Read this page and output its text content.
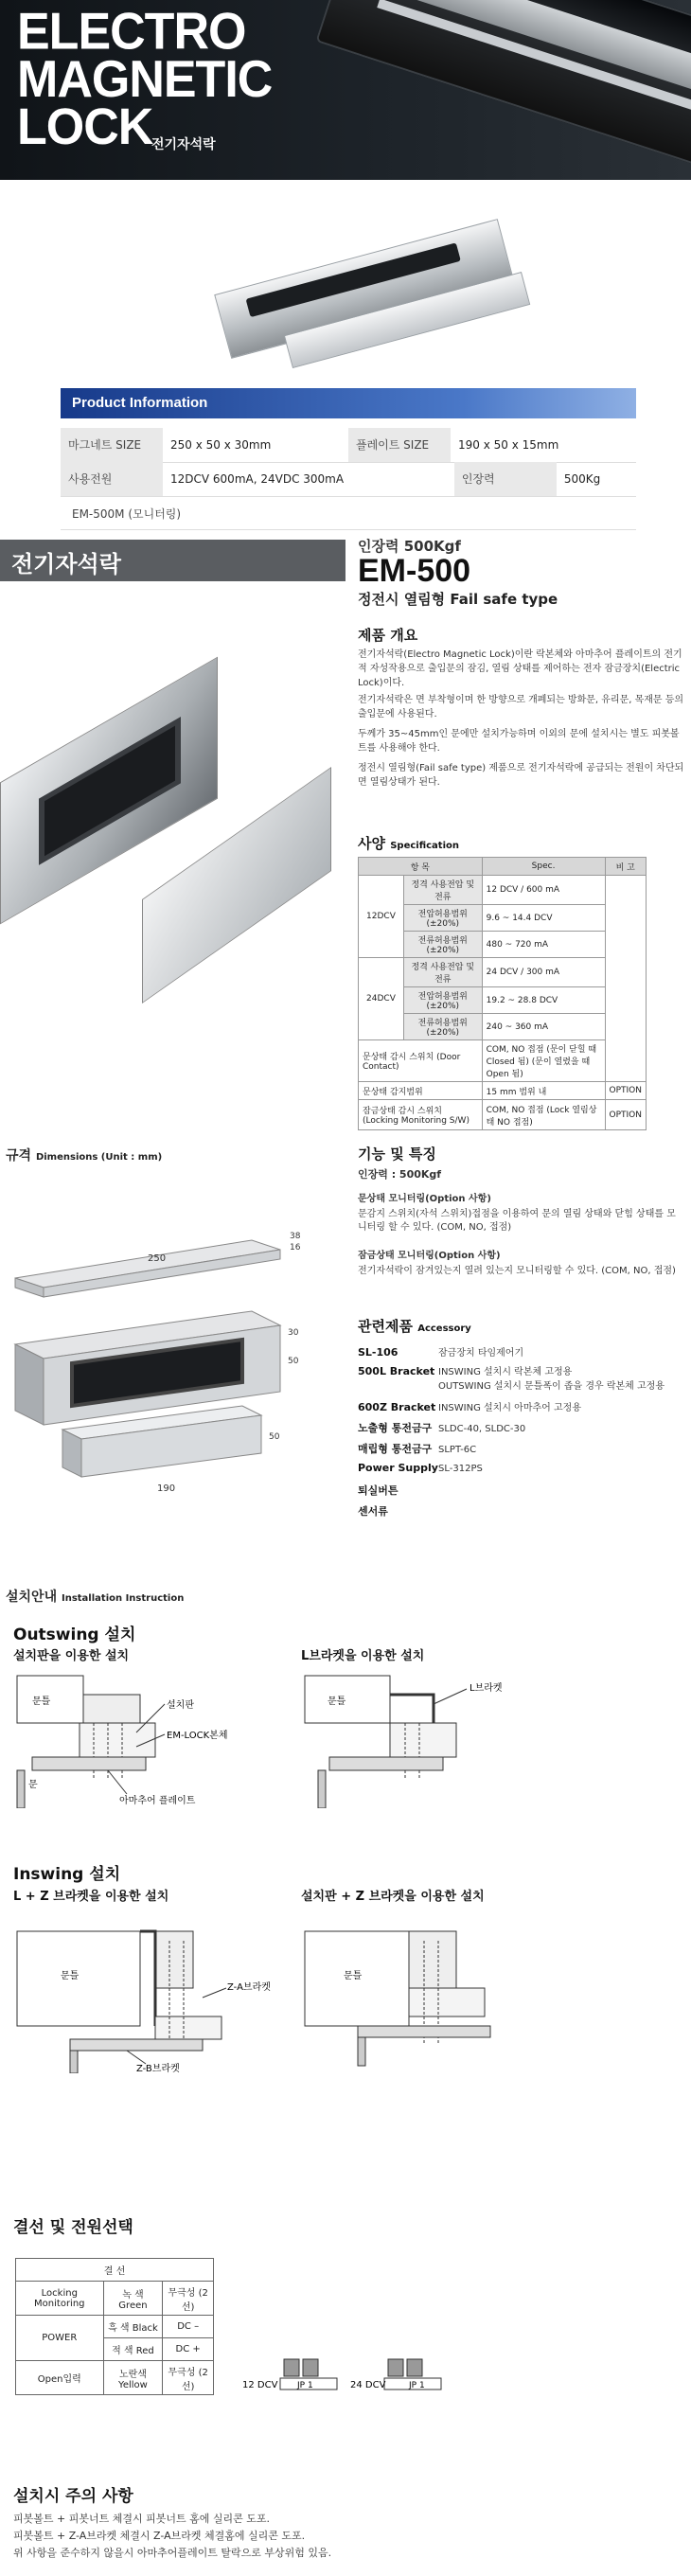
ELECTRO
MAGNETIC
LOCK
전기자석락
Product Information
마그네트 SIZE	250 x 50 x 30mm	플레이트 SIZE	190 x 50 x 15mm
사용전원	12DCV 600mA, 24VDC 300mA	인장력	500Kg
EM-500M (모니터링)
전기자석락
인장력 500Kgf
EM-500
정전시 열림형 Fail safe type
제품 개요
전기자석락(Electro Magnetic Lock)이란 락본체와 아마추어 플레이트의 전기적 자성작용으로 출입문의 잠김, 열림 상태를 제어하는 전자 잠금장치(Electric Lock)이다.
전기자석락은 면 부착형이며 한 방향으로 개폐되는 방화문, 유리문, 목재문 등의 출입문에 사용된다.
두께가 35~45mm인 문에만 설치가능하며 이외의 문에 설치시는 별도 피봇볼트를 사용해야 한다.
정전시 열림형(Fail safe type) 제품으로 전기자석락에 공급되는 전원이 차단되면 열림상태가 된다.
사양 Specification
항 목		Spec.	비 고
12DCV	정격 사용전압 및 전류	12 DCV / 600 mA	
	전압허용범위(±20%)	9.6 ~ 14.4 DCV	
	전류허용범위(±20%)	480 ~ 720 mA	
24DCV	정격 사용전압 및 전류	24 DCV / 300 mA	
	전압허용범위(±20%)	19.2 ~ 28.8 DCV	
	전류허용범위(±20%)	240 ~ 360 mA	
문상태 감시 스위치 (Door Contact)		COM, NO 접점 (문이 닫힐 때 Closed 됨) (문이 열렸을 때 Open 됨)	
문상태 감지범위		15 mm 범위 내	OPTION
잠금상태 감시 스위치 (Locking Monitoring S/W)		COM, NO 접점 (Lock 열림상태 NO 접점)	OPTION
규격 Dimensions (Unit : mm)
250
38
16
30
50
190
50
기능 및 특징
인장력 : 500Kgf
문상태 모니터링(Option 사항)
문감지 스위치(자석 스위치)접점을 이용하여 문의 열림 상태와 닫힘 상태를 모니터링 할 수 있다. (COM, NO, 접점)
잠금상태 모니터링(Option 사항)
전기자석락이 잠겨있는지 열려 있는지 모니터링할 수 있다. (COM, NO, 접점)
관련제품 Accessory
SL-106	잠금장치 타임제어기
500L Bracket INSWING 설치시 락본체 고정용
OUTSWING 설치시 문틀폭이 좁을 경우 락본체 고정용
600Z Bracket INSWING 설치시 아마추어 고정용
노출형 통전금구 SLDC-40, SLDC-30
매립형 통전금구 SLPT-6C
Power SupplySL-312PS
퇴실버튼
센서류
설치안내 Installation Instruction
Outswing 설치
설치판을 이용한 설치	L브라켓을 이용한 설치
문틀	설치판
EM-LOCK본체
문
아마추어 플레이트
문틀
L브라켓
Inswing 설치
L + Z 브라켓을 이용한 설치	설치판 + Z 브라켓을 이용한 설치
문틀
Z-A브라켓
Z-B브라켓
문틀
결선 및 전원선택
결 선		
Locking Monitoring	녹 색 Green	무극성 (2선)
POWER	흑 색 Black	DC –
	적 색 Red	DC +
Open입력	노란색 Yellow	무극성 (2선)	12 DCV JP 1	24 DCV	JP 1
설치시 주의 사항
피봇볼트 + 피봇너트 체결시 피봇너트 홈에 실리콘 도포.
피봇볼트 + Z-A브라켓 체결시 Z-A브라켓 체결홈에 실리콘 도포.
위 사항을 준수하지 않을시 아마추어플레이트 탈락으로 부상위험 있음.
